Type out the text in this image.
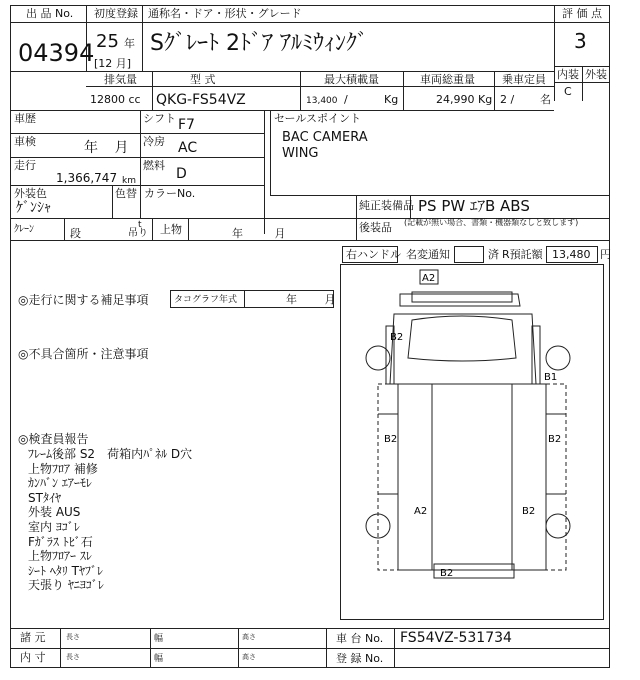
出 品 No.
04394
初度登録 通称名・ドア・形状・グレード
25 年
[12 月]
Sｸﾞﾚｰﾄ 2ﾄﾞｱ ｱﾙﾐｳｨﾝｸﾞ
評 価 点
3
内装 外装
C
排気量	型 式	最大積載量	車両総重量 乗車定員
12800 cc QKG-FS54VZ	13,400 /	Kg	24,990 Kg 2 / 名
車歴	シフト F7
車検	年 月 冷房 AC
走行
1,366,747 km
燃料
D
外装色
ｹﾞﾝｼｬ
色替 カラーNo.
セールスポイント
BAC CAMERA
WING
純正装備品 PS PW ｴｱB ABS
後装品 (記載が無い場合、書類・機器類なしと致します)
ｸﾚｰﾝ	段
t
吊り 上物	年 月
右ハンドル 名変通知	済 R預託額 13,480 円
◎走行に関する補足事項	タコグラフ年式	年 月
◎不具合箇所・注意事項
◎検査員報告
ﾌﾚｰﾑ後部 S2　荷箱内ﾊﾟﾈﾙ D穴
上物ﾌﾛｱ 補修
ｶﾝﾊﾞﾝ ｴｱｰﾓﾚ
STﾀｲﾔ
外装 AUS
室内 ﾖｺﾞﾚ
Fｶﾞﾗｽ ﾄﾋﾞ石
上物ﾌﾛｱｰ ｽﾚ
ｼｰﾄ ﾍﾀﾘ Tﾔﾌﾞﾚ
天張り ﾔﾆﾖｺﾞﾚ
A2
B2
B1
B2	B2
A2	B2
B2
諸 元
内 寸
長さ
長さ
幅
幅
高さ
高さ
車 台 No. FS54VZ-531734
登 録 No.
